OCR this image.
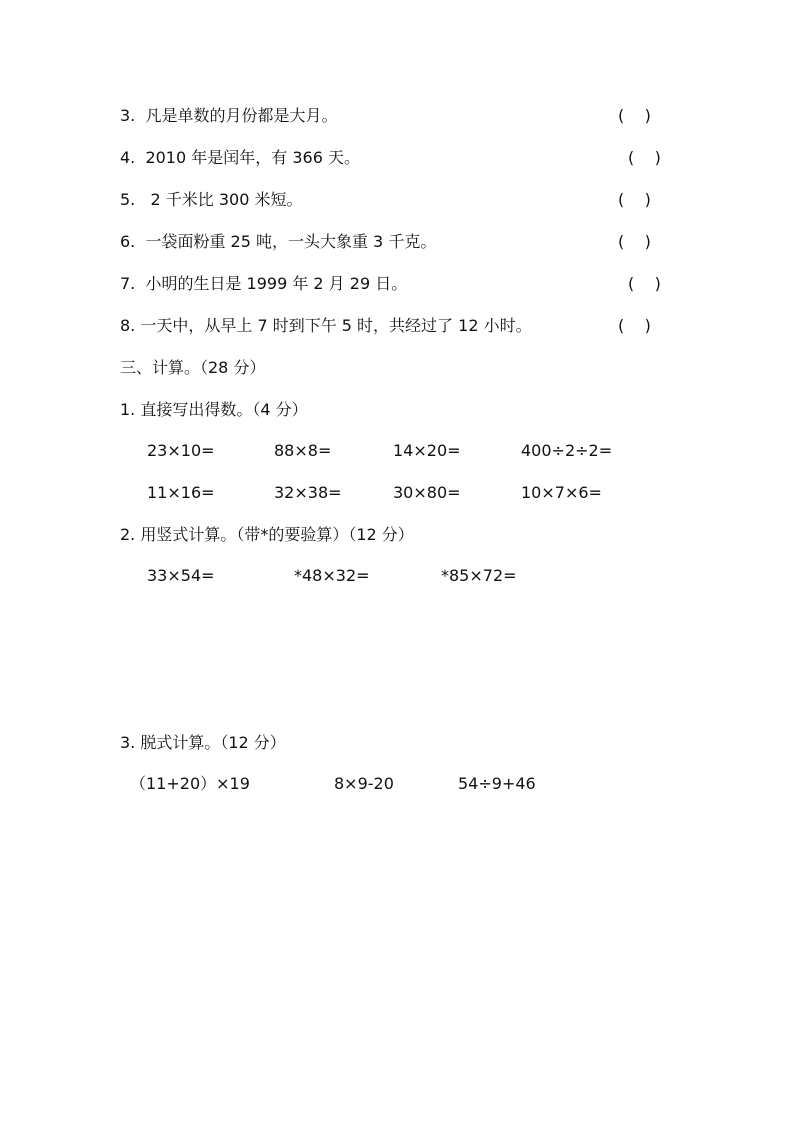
3.  凡是单数的月份都是大月。	(    )
4.  2010 年是闰年，有 366 天。	(    )
5.   2 千米比 300 米短。	(    )
6.  一袋面粉重 25 吨，一头大象重 3 千克。	(    )
7.  小明的生日是 1999 年 2 月 29 日。	(    )
8. 一天中，从早上 7 时到下午 5 时，共经过了 12 小时。	(    )
三、计算。（28 分）
1. 直接写出得数。（4 分）
23×10=	88×8=	14×20=	400÷2÷2=
11×16=	32×38=	30×80=	10×7×6=
2. 用竖式计算。（带*的要验算）（12 分）
33×54=	*48×32=	*85×72=
3. 脱式计算。（12 分）
（11+20）×19	8×9-20	54÷9+46
